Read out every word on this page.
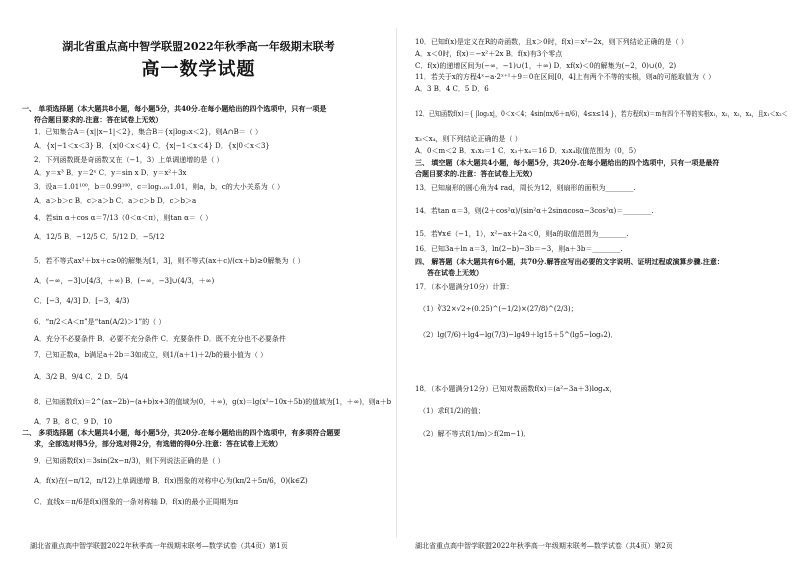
湖北省重点高中智学联盟2022年秋季高一年级期末联考
高一数学试题
一、 单项选择题（本大题共8小题，每小题5分，共40分.在每小题给出的四个选项中，只有一项是
符合题目要求的.注意：答在试卷上无效）
1．已知集合A＝{x||x−1|＜2}，集合B＝{x|log₂x＜2}，则A∩B＝（ ）
A．{x|−1＜x＜3} B．{x|0＜x＜4} C．{x|−1＜x＜4} D．{x|0＜x＜3}
2．下列函数既是奇函数又在（−1，3）上单调递增的是（ ）
A．y＝x³ B．y＝2ˣ C．y＝sin x D．y＝x²＋3x
3．设a＝1.01¹⁰⁰，b＝0.99¹⁰⁰，c＝log₁.₀₁1.01，则a，b，c的大小关系为（ ）
A．a＞b＞c B．c＞a＞b C．a＞c＞b D．c＞b＞a
4．若sin α＋cos α＝7/13（0＜α＜π），则tan α＝（ ）
A．12/5 B．−12/5 C．5/12 D．−5/12
5．若不等式ax²＋bx＋c≥0的解集为[1，3]，则不等式(ax＋c)/(cx＋b)≥0解集为（ ）
A．(−∞，−3]∪[4/3，＋∞) B．(−∞，−3]∪(4/3，＋∞)
C．[−3，4/3] D．[−3，4/3)
6．“π/2＜A＜π”是“tan(A/2)＞1”的（ ）
A．充分不必要条件 B．必要不充分条件 C．充要条件 D．既不充分也不必要条件
7．已知正数a，b满足a＋2b＝3如成立，则1/(a＋1)＋2/b的最小值为（ ）
A．3/2 B．9/4 C．2 D．5/4
8．已知函数f(x)＝2^(ax−2b)−(a+b)x+3的值域为(0，＋∞)，g(x)＝lg(x²−10x＋5b)的值域为[1，＋∞)，则a＋b
A．7 B．8 C．9 D．10
二、 多项选择题（本大题共4小题，每小题5分，共20分.在每小题给出的四个选项中，有多项符合题要
求，全部选对得5分，部分选对得2分，有选错的得0分.注意：答在试卷上无效）
9．已知函数f(x)＝3sin(2x−π/3)，则下列说法正确的是（ ）
A．f(x)在(−π/12，π/12)上单调递增 B．f(x)图象的对称中心为(kπ/2＋5π/6，0)(k∈Z)
C．直线x＝π/6是f(x)图象的一条对称轴 D．f(x)的最小正周期为π
湖北省重点高中智学联盟2022年秋季高一年级期末联考—数学试卷（共4页）第1页
10．已知f(x)是定义在R的奇函数，且x＞0时，f(x)＝x²−2x，则下列结论正确的是（ ）
A．x＜0时，f(x)＝−x²＋2x B．f(x)有3个零点
C．f(x)的递增区间为(−∞，−1)∪(1，＋∞) D．xf(x)＜0的解集为(−2，0)∪(0，2)
11．若关于x的方程4ˣ−a·2ˣ⁺¹＋9＝0在区间[0，4]上有两个不等的实根，则a的可能取值为（ ）
A．3 B．4 C．5 D．6
12．已知函数f(x)＝{ |log₂x|，0＜x＜4；4sin(πx/6＋π/6)，4≤x≤14 }，若方程f(x)＝m有四个不等的实根x₁，x₂，x₃，x₄，且x₁＜x₂＜
x₃＜x₄，则下列结论正确的是（ ）
A．0＜m＜2 B．x₁x₂＝1 C．x₃＋x₄＝16 D．x₃x₄取值范围为（0，5）
三、 填空题（本大题共4小题，每小题5分，共20分.在每小题给出的四个选项中，只有一项是最符
合题目要求的.注意：答在试卷上无效）
13．已知扇形的圆心角为4 rad，周长为12，则扇形的面积为________.
14．若tan α＝3，则(2＋cos²α)/(sin²α＋2sinαcosα−3cos²α)＝________.
15．若∀x∈（−1，1），x²−ax＋2a＜0，则a的取值范围为________.
16．已知3a＋ln a＝3，ln(2−b)−3b＝−3，则a＋3b＝________.
四、 解答题（本大题共有6小题，共70分.解答应写出必要的文字说明、证明过程或演算步骤.注意：
答在试卷上无效）
17．（本小题满分10分）计算：
（1）∛32×√2÷(0.25)^(−1/2)×(27/8)^(2/3)；
（2）lg(7/6)＋lg4−lg(7/3)−lg49＋lg15＋5^(lg5−log₅2)．
18．（本小题满分12分）已知对数函数f(x)＝(a²−3a＋3)logₐx，
（1）求f(1/2)的值；
（2）解不等式f(1/m)＞f(2m−1)．
湖北省重点高中智学联盟2022年秋季高一年级期末联考—数学试卷（共4页）第2页
